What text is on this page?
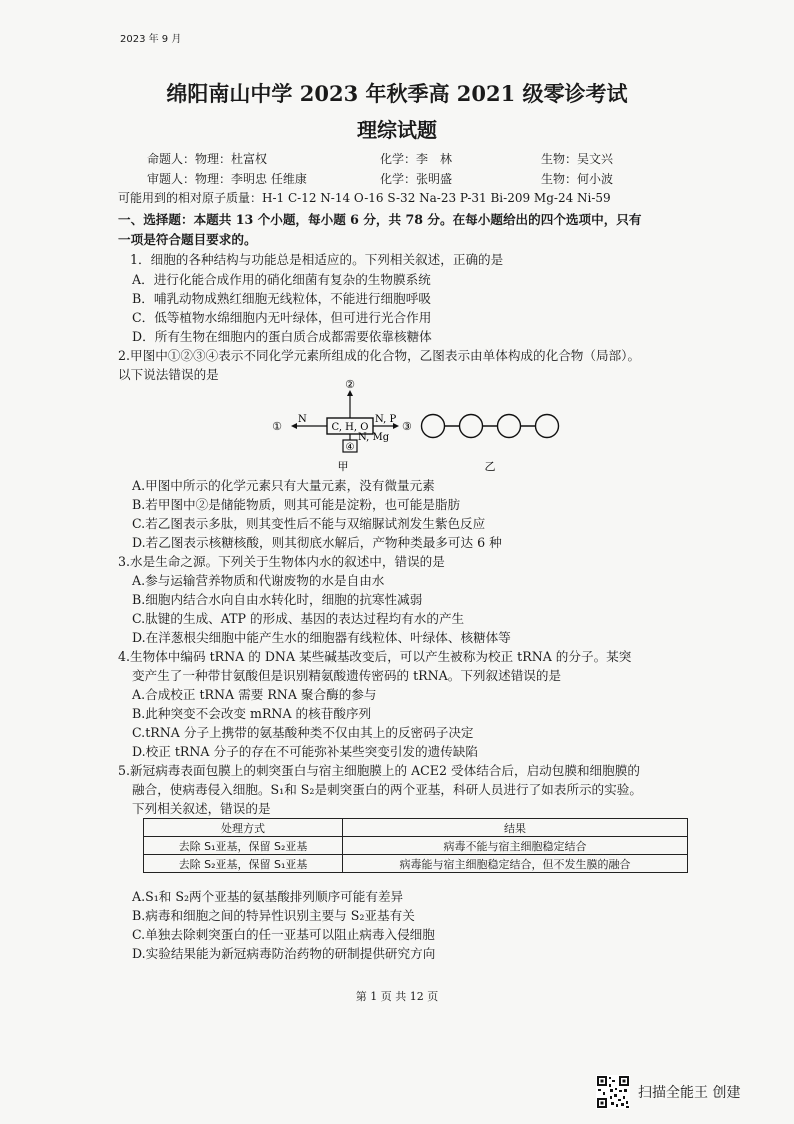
2023 年 9 月
绵阳南山中学 2023 年秋季高 2021 级零诊考试
理综试题
命题人：物理：杜富权	化学：李　林	生物：吴文兴
审题人：物理：李明忠 任维康	化学：张明盛	生物：何小波
可能用到的相对原子质量：H-1 C-12 N-14 O-16 S-32 Na-23 P-31 Bi-209 Mg-24 Ni-59
一、选择题：本题共 13 个小题，每小题 6 分，共 78 分。在每小题给出的四个选项中，只有
一项是符合题目要求的。
1．细胞的各种结构与功能总是相适应的。下列相关叙述，正确的是
A．进行化能合成作用的硝化细菌有复杂的生物膜系统
B．哺乳动物成熟红细胞无线粒体，不能进行细胞呼吸
C．低等植物水绵细胞内无叶绿体，但可进行光合作用
D．所有生物在细胞内的蛋白质合成都需要依靠核糖体
2.甲图中①②③④表示不同化学元素所组成的化合物，乙图表示由单体构成的化合物（局部）。
以下说法错误的是
C, H, O
②
N
①
N, P
③
④
N, Mg
甲	乙
A.甲图中所示的化学元素只有大量元素，没有微量元素
B.若甲图中②是储能物质，则其可能是淀粉，也可能是脂肪
C.若乙图表示多肽，则其变性后不能与双缩脲试剂发生紫色反应
D.若乙图表示核糖核酸，则其彻底水解后，产物种类最多可达 6 种
3.水是生命之源。下列关于生物体内水的叙述中，错误的是
A.参与运输营养物质和代谢废物的水是自由水
B.细胞内结合水向自由水转化时，细胞的抗寒性减弱
C.肽键的生成、ATP 的形成、基因的表达过程均有水的产生
D.在洋葱根尖细胞中能产生水的细胞器有线粒体、叶绿体、核糖体等
4.生物体中编码 tRNA 的 DNA 某些碱基改变后，可以产生被称为校正 tRNA 的分子。某突
变产生了一种带甘氨酸但是识别精氨酸遗传密码的 tRNA。下列叙述错误的是
A.合成校正 tRNA 需要 RNA 聚合酶的参与
B.此种突变不会改变 mRNA 的核苷酸序列
C.tRNA 分子上携带的氨基酸种类不仅由其上的反密码子决定
D.校正 tRNA 分子的存在不可能弥补某些突变引发的遗传缺陷
5.新冠病毒表面包膜上的刺突蛋白与宿主细胞膜上的 ACE2 受体结合后，启动包膜和细胞膜的
融合，使病毒侵入细胞。S₁和 S₂是刺突蛋白的两个亚基，科研人员进行了如表所示的实验。
下列相关叙述，错误的是
处理方式	结果
去除 S₁亚基，保留 S₂亚基	病毒不能与宿主细胞稳定结合
去除 S₂亚基，保留 S₁亚基	病毒能与宿主细胞稳定结合，但不发生膜的融合
A.S₁和 S₂两个亚基的氨基酸排列顺序可能有差异
B.病毒和细胞之间的特异性识别主要与 S₂亚基有关
C.单独去除刺突蛋白的任一亚基可以阻止病毒入侵细胞
D.实验结果能为新冠病毒防治药物的研制提供研究方向
第 1 页 共 12 页
扫描全能王 创建
